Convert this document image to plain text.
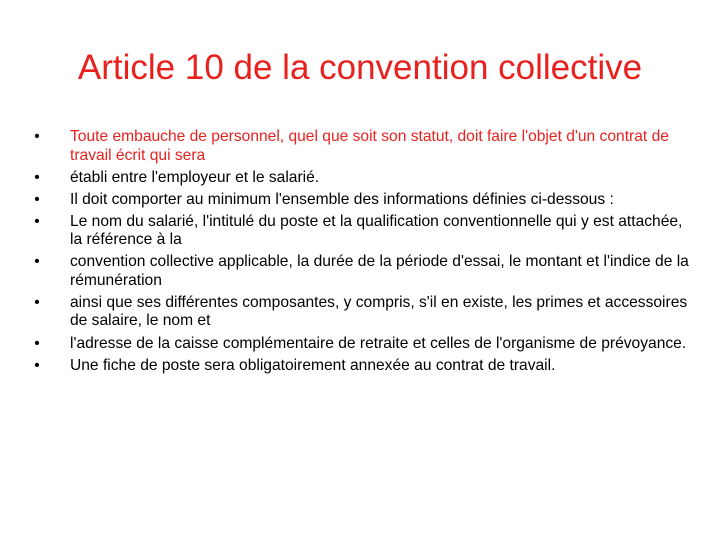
Article 10 de la convention collective
• Toute embauche de personnel, quel que soit son statut, doit faire l'objet d'un contrat de travail écrit qui sera
• établi entre l'employeur et le salarié.
• Il doit comporter au minimum l'ensemble des informations définies ci-dessous :
• Le nom du salarié, l'intitulé du poste et la qualification conventionnelle qui y est attachée, la référence à la
• convention collective applicable, la durée de la période d'essai, le montant et l'indice de la rémunération
• ainsi que ses différentes composantes, y compris, s'il en existe, les primes et accessoires de salaire, le nom et
• l'adresse de la caisse complémentaire de retraite et celles de l'organisme de prévoyance.
• Une fiche de poste sera obligatoirement annexée au contrat de travail.
